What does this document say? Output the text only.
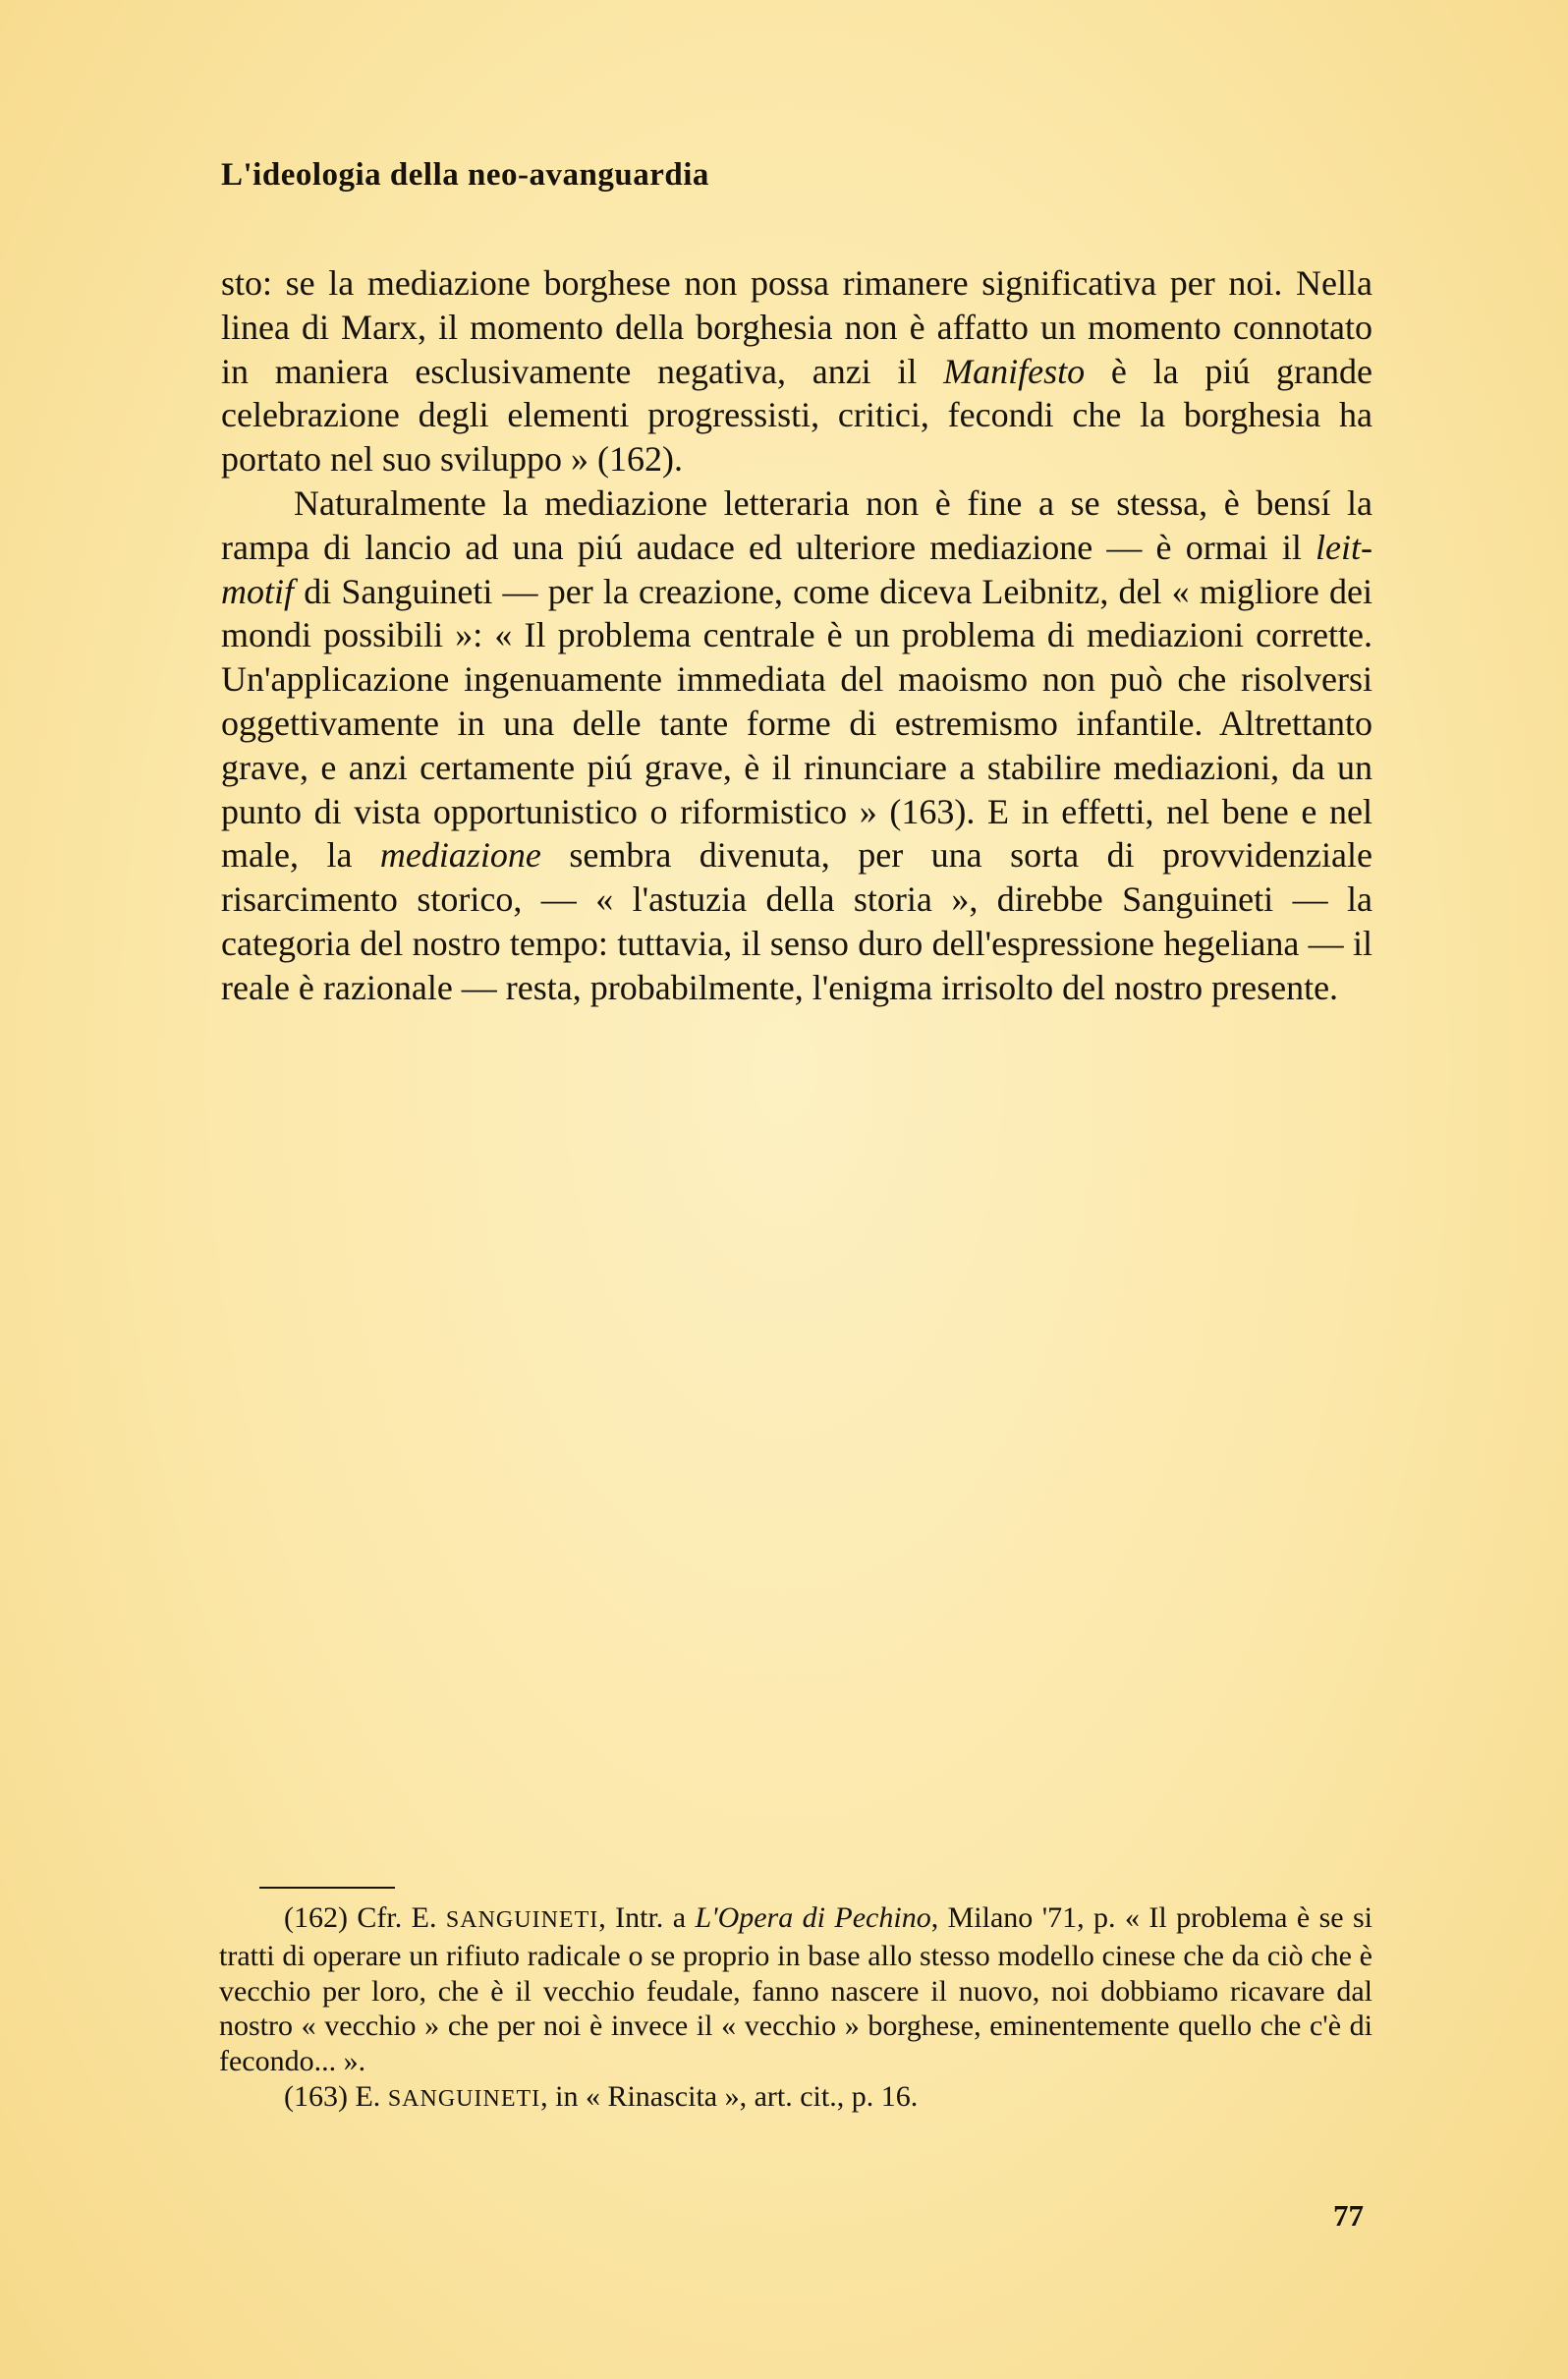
L'ideologia della neo-avanguardia

sto: se la mediazione borghese non possa rimanere significativa per noi. Nella linea di Marx, il momento della borghesia non è affatto un momento connotato in maniera esclusivamente negativa, anzi il Manifesto è la piú grande celebrazione degli elementi progressisti, critici, fecondi che la borghesia ha portato nel suo sviluppo » (162).

Naturalmente la mediazione letteraria non è fine a se stessa, è bensí la rampa di lancio ad una piú audace ed ulteriore mediazione — è ormai il leit-motif di Sanguineti — per la creazione, come diceva Leibnitz, del « migliore dei mondi possibili »: « Il problema centrale è un problema di mediazioni corrette. Un'applicazione ingenuamente immediata del maoismo non può che risolversi oggettivamente in una delle tante forme di estremismo infantile. Altrettanto grave, e anzi certamente piú grave, è il rinunciare a stabilire mediazioni, da un punto di vista opportunistico o riformistico » (163). E in effetti, nel bene e nel male, la mediazione sembra divenuta, per una sorta di provvidenziale risarcimento storico, — « l'astuzia della storia », direbbe Sanguineti — la categoria del nostro tempo: tuttavia, il senso duro dell'espressione hegeliana — il reale è razionale — resta, probabilmente, l'enigma irrisolto del nostro presente.

(162) Cfr. E. SANGUINETI, Intr. a L'Opera di Pechino, Milano '71, p. « Il problema è se si tratti di operare un rifiuto radicale o se proprio in base allo stesso modello cinese che da ciò che è vecchio per loro, che è il vecchio feudale, fanno nascere il nuovo, noi dobbiamo ricavare dal nostro « vecchio » che per noi è invece il « vecchio » borghese, eminentemente quello che c'è di fecondo... ».

(163) E. SANGUINETI, in « Rinascita », art. cit., p. 16.

77
